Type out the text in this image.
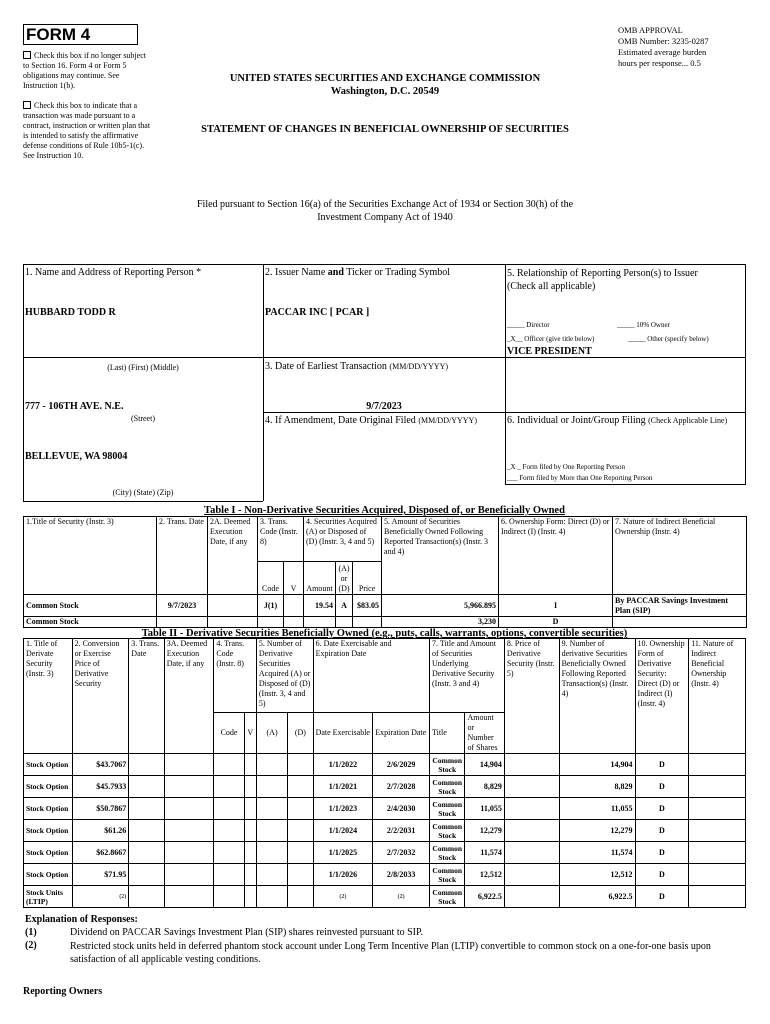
FORM 4
Check this box if no longer subject to Section 16. Form 4 or Form 5 obligations may continue. See Instruction 1(b).
Check this box to indicate that a transaction was made pursuant to a contract, instruction or written plan that is intended to satisfy the affirmative defense conditions of Rule 10b5-1(c). See Instruction 10.
UNITED STATES SECURITIES AND EXCHANGE COMMISSION
Washington, D.C. 20549
STATEMENT OF CHANGES IN BENEFICIAL OWNERSHIP OF SECURITIES
OMB APPROVAL
OMB Number: 3235-0287
Estimated average burden
hours per response... 0.5
Filed pursuant to Section 16(a) of the Securities Exchange Act of 1934 or Section 30(h) of the
Investment Company Act of 1940
1. Name and Address of Reporting Person *
HUBBARD TODD R
(Last) (First) (Middle)
777 - 106TH AVE. N.E.
(Street)
BELLEVUE, WA 98004
(City) (State) (Zip)
2. Issuer Name and Ticker or Trading Symbol
PACCAR INC [ PCAR ]
3. Date of Earliest Transaction (MM/DD/YYYY)
9/7/2023
4. If Amendment, Date Original Filed (MM/DD/YYYY)
5. Relationship of Reporting Person(s) to Issuer
(Check all applicable)
_____ Director	_____ 10% Owner
_X__ Officer (give title below)	_____ Other (specify below)
VICE PRESIDENT
6. Individual or Joint/Group Filing (Check Applicable Line)
_X _ Form filed by One Reporting Person
___ Form filed by More than One Reporting Person
Table I - Non-Derivative Securities Acquired, Disposed of, or Beneficially Owned
1.Title of Security (Instr. 3)	2. Trans. Date	2A. Deemed Execution Date, if any	3. Trans. Code (Instr. 8)		4. Securities Acquired (A) or Disposed of (D) (Instr. 3, 4 and 5)			5. Amount of Securities Beneficially Owned Following Reported Transaction(s) (Instr. 3 and 4)	6. Ownership Form: Direct (D) or Indirect (I) (Instr. 4)	7. Nature of Indirect Beneficial Ownership (Instr. 4)
			Code	V	Amount	(A) or (D)	Price			
Common Stock	9/7/2023		J(1)		19.54	A	$83.05	5,966.895	I	By PACCAR Savings Investment Plan (SIP)
Common Stock								3,230	D	
Table II - Derivative Securities Beneficially Owned (e.g., puts, calls, warrants, options, convertible securities)
1. Title of Derivate Security (Instr. 3)	2. Conversion or Exercise Price of Derivative Security	3. Trans. Date	3A. Deemed Execution Date, if any	4. Trans. Code (Instr. 8)		5. Number of Derivative Securities Acquired (A) or Disposed of (D) (Instr. 3, 4 and 5)		6. Date Exercisable and Expiration Date		7. Title and Amount of Securities Underlying Derivative Security (Instr. 3 and 4)		8. Price of Derivative Security (Instr. 5)	9. Number of derivative Securities Beneficially Owned Following Reported Transaction(s) (Instr. 4)	10. Ownership Form of Derivative Security: Direct (D) or Indirect (I) (Instr. 4)	11. Nature of Indirect Beneficial Ownership (Instr. 4)
				Code	V	(A)	(D)	Date Exercisable	Expiration Date	Title	Amount or Number of Shares				
Stock Option	$43.7067							1/1/2022	2/6/2029	Common Stock	14,904		14,904	D	
Stock Option	$45.7933							1/1/2021	2/7/2028	Common Stock	8,829		8,829	D	
Stock Option	$50.7867							1/1/2023	2/4/2030	Common Stock	11,055		11,055	D	
Stock Option	$61.26							1/1/2024	2/2/2031	Common Stock	12,279		12,279	D	
Stock Option	$62.8667							1/1/2025	2/7/2032	Common Stock	11,574		11,574	D	
Stock Option	$71.95							1/1/2026	2/8/2033	Common Stock	12,512		12,512	D	
Stock Units (LTIP)	(2)							(2)	(2)	Common Stock	6,922.5		6,922.5	D	
Explanation of Responses:
(1)	Dividend on PACCAR Savings Investment Plan (SIP) shares reinvested pursuant to SIP.
(2)	Restricted stock units held in deferred phantom stock account under Long Term Incentive Plan (LTIP) convertible to common stock on a one-for-one basis upon satisfaction of all applicable vesting conditions.
Reporting Owners
